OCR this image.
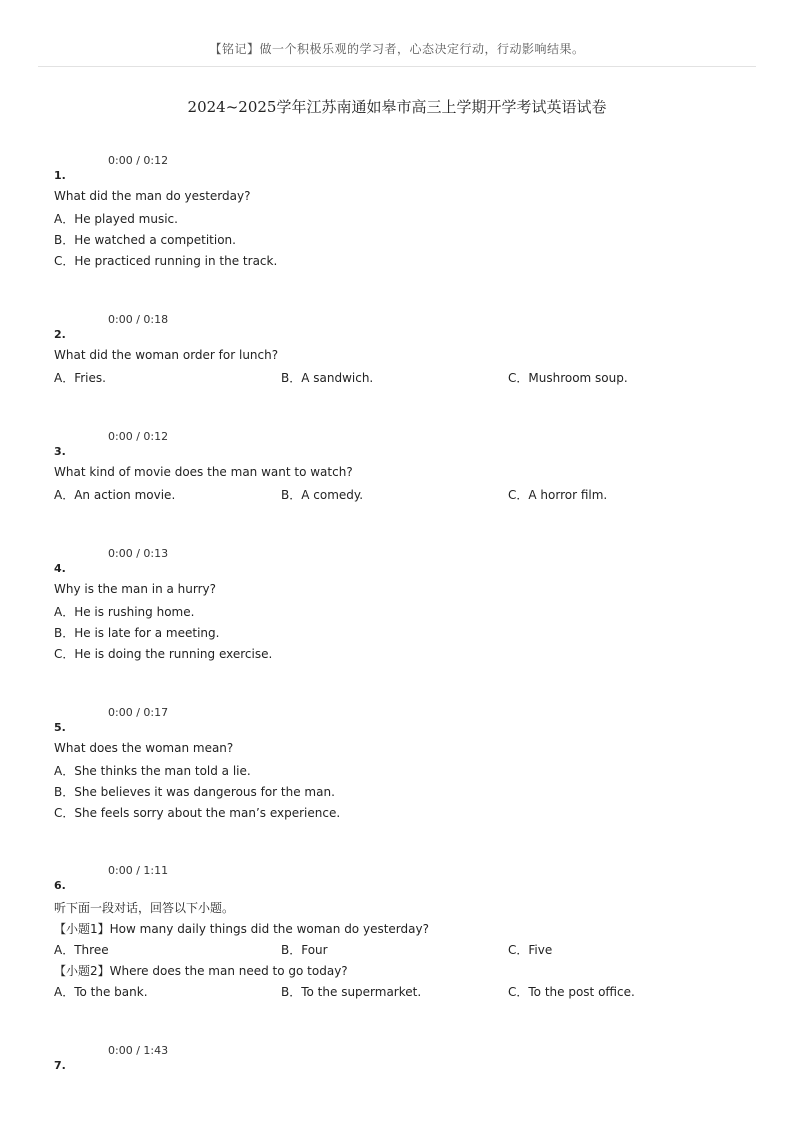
【铭记】做一个积极乐观的学习者，心态决定行动，行动影响结果。
2024~2025学年江苏南通如皋市高三上学期开学考试英语试卷
0:00 / 0:12
1.
What did the man do yesterday?
A．He played music.
B．He watched a competition.
C．He practiced running in the track.
0:00 / 0:18
2.
What did the woman order for lunch?
A．Fries.	B．A sandwich.	C．Mushroom soup.
0:00 / 0:12
3.
What kind of movie does the man want to watch?
A．An action movie.	B．A comedy.	C．A horror film.
0:00 / 0:13
4.
Why is the man in a hurry?
A．He is rushing home.
B．He is late for a meeting.
C．He is doing the running exercise.
0:00 / 0:17
5.
What does the woman mean?
A．She thinks the man told a lie.
B．She believes it was dangerous for the man.
C．She feels sorry about the man’s experience.
0:00 / 1:11
6.
听下面一段对话，回答以下小题。
【小题1】How many daily things did the woman do yesterday?
A．Three	B．Four	C．Five
【小题2】Where does the man need to go today?
A．To the bank.	B．To the supermarket.	C．To the post office.
0:00 / 1:43
7.
